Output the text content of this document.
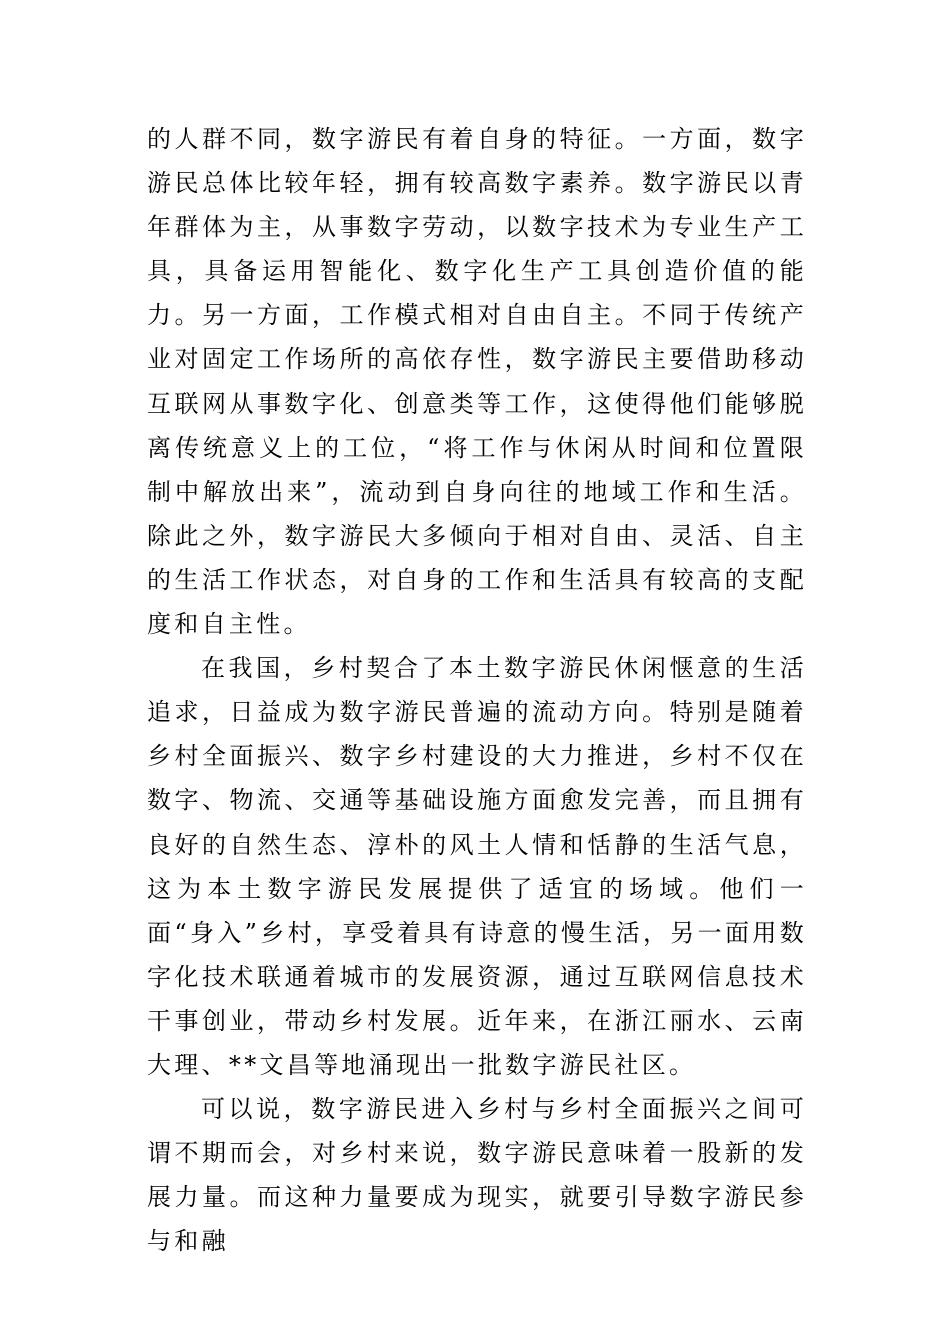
的人群不同，数字游民有着自身的特征。一方面，数字游民总体比较年轻，拥有较高数字素养。数字游民以青年群体为主，从事数字劳动，以数字技术为专业生产工具，具备运用智能化、数字化生产工具创造价值的能力。另一方面，工作模式相对自由自主。不同于传统产业对固定工作场所的高依存性，数字游民主要借助移动互联网从事数字化、创意类等工作，这使得他们能够脱离传统意义上的工位，“将工作与休闲从时间和位置限制中解放出来”，流动到自身向往的地域工作和生活。除此之外，数字游民大多倾向于相对自由、灵活、自主的生活工作状态，对自身的工作和生活具有较高的支配度和自主性。

在我国，乡村契合了本土数字游民休闲惬意的生活追求，日益成为数字游民普遍的流动方向。特别是随着乡村全面振兴、数字乡村建设的大力推进，乡村不仅在数字、物流、交通等基础设施方面愈发完善，而且拥有良好的自然生态、淳朴的风土人情和恬静的生活气息，这为本土数字游民发展提供了适宜的场域。他们一面“身入”乡村，享受着具有诗意的慢生活，另一面用数字化技术联通着城市的发展资源，通过互联网信息技术干事创业，带动乡村发展。近年来，在浙江丽水、云南大理、**文昌等地涌现出一批数字游民社区。

可以说，数字游民进入乡村与乡村全面振兴之间可谓不期而会，对乡村来说，数字游民意味着一股新的发展力量。而这种力量要成为现实，就要引导数字游民参与和融
